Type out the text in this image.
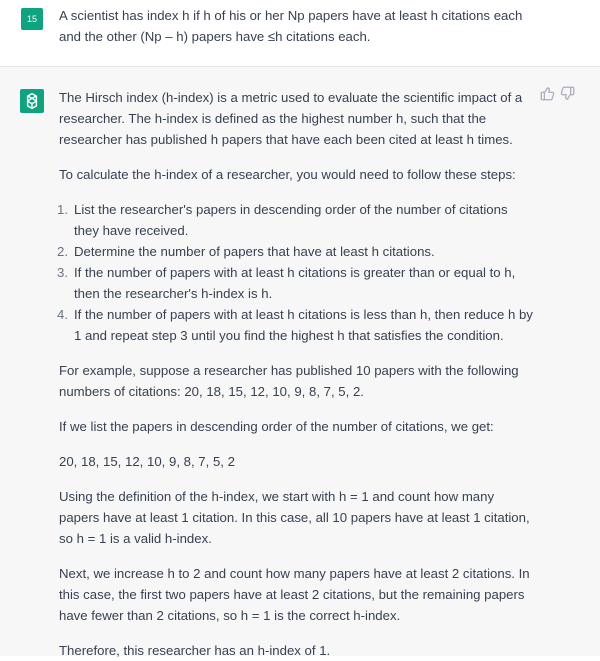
15	A scientist has index h if h of his or her Np papers have at least h citations each and the other (Np – h) papers have ≤h citations each.

The Hirsch index (h-index) is a metric used to evaluate the scientific impact of a researcher. The h-index is defined as the highest number h, such that the researcher has published h papers that have each been cited at least h times.

To calculate the h-index of a researcher, you would need to follow these steps:

1. List the researcher's papers in descending order of the number of citations they have received.
2. Determine the number of papers that have at least h citations.
3. If the number of papers with at least h citations is greater than or equal to h, then the researcher's h-index is h.
4. If the number of papers with at least h citations is less than h, then reduce h by 1 and repeat step 3 until you find the highest h that satisfies the condition.

For example, suppose a researcher has published 10 papers with the following numbers of citations: 20, 18, 15, 12, 10, 9, 8, 7, 5, 2.

If we list the papers in descending order of the number of citations, we get:

20, 18, 15, 12, 10, 9, 8, 7, 5, 2

Using the definition of the h-index, we start with h = 1 and count how many papers have at least 1 citation. In this case, all 10 papers have at least 1 citation, so h = 1 is a valid h-index.

Next, we increase h to 2 and count how many papers have at least 2 citations. In this case, the first two papers have at least 2 citations, but the remaining papers have fewer than 2 citations, so h = 1 is the correct h-index.

Therefore, this researcher has an h-index of 1.
